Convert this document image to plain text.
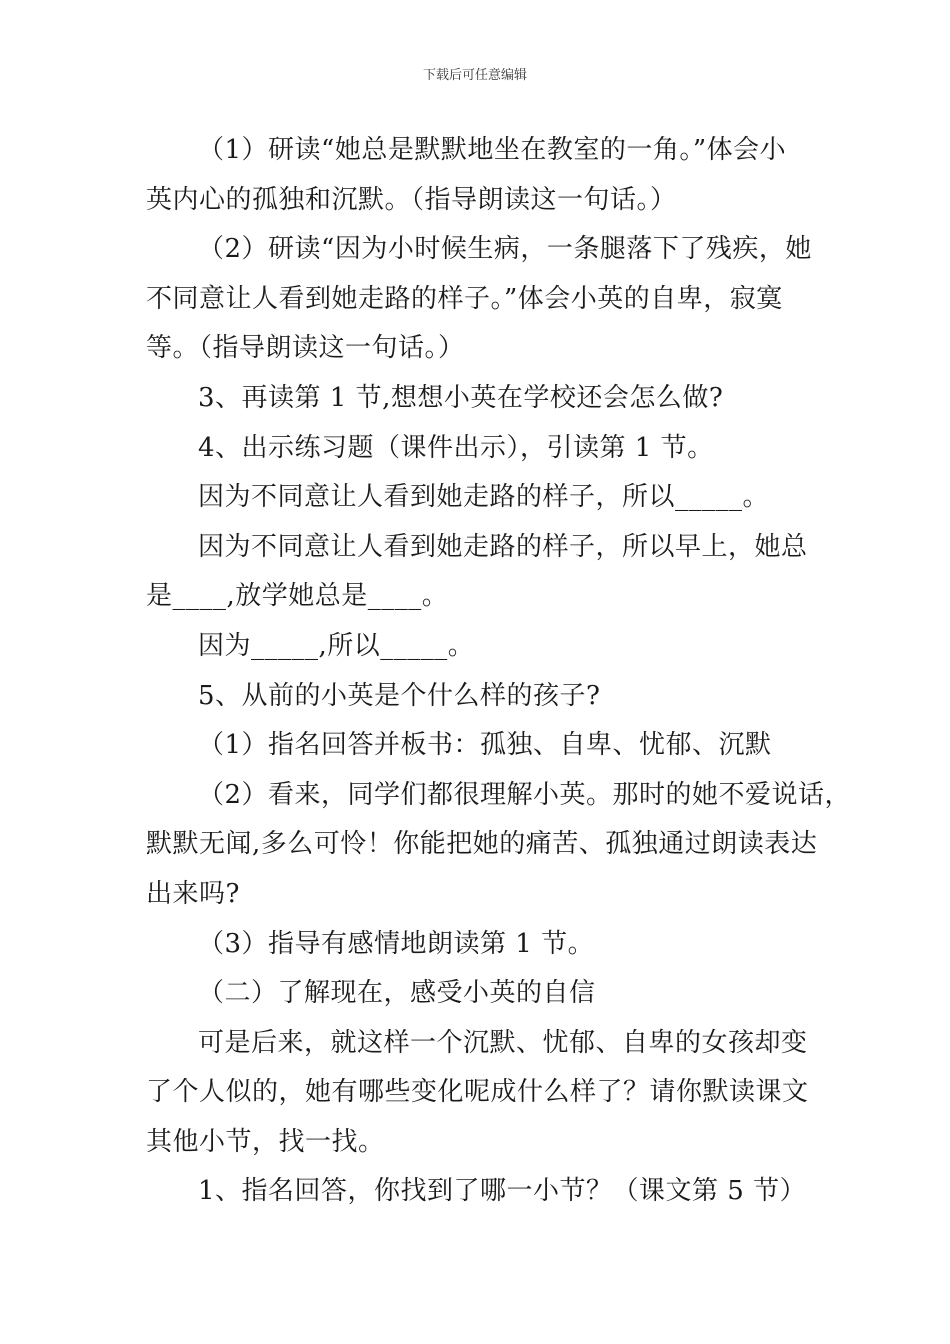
下载后可任意编辑
（1）研读“她总是默默地坐在教室的一角。”体会小
英内心的孤独和沉默。（指导朗读这一句话。）
（2）研读“因为小时候生病，一条腿落下了残疾，她
不同意让人看到她走路的样子。”体会小英的自卑，寂寞
等。（指导朗读这一句话。）
3、再读第 1 节,想想小英在学校还会怎么做?
4、出示练习题（课件出示），引读第 1 节。
因为不同意让人看到她走路的样子，所以_____。
因为不同意让人看到她走路的样子，所以早上，她总
是____,放学她总是____。
因为_____,所以_____。
5、从前的小英是个什么样的孩子?
（1）指名回答并板书：孤独、自卑、忧郁、沉默
（2）看来，同学们都很理解小英。那时的她不爱说话，
默默无闻,多么可怜！你能把她的痛苦、孤独通过朗读表达
出来吗?
（3）指导有感情地朗读第 1 节。
（二）了解现在，感受小英的自信
可是后来，就这样一个沉默、忧郁、自卑的女孩却变
了个人似的，她有哪些变化呢成什么样了？请你默读课文
其他小节，找一找。
1、指名回答，你找到了哪一小节？（课文第 5 节）
